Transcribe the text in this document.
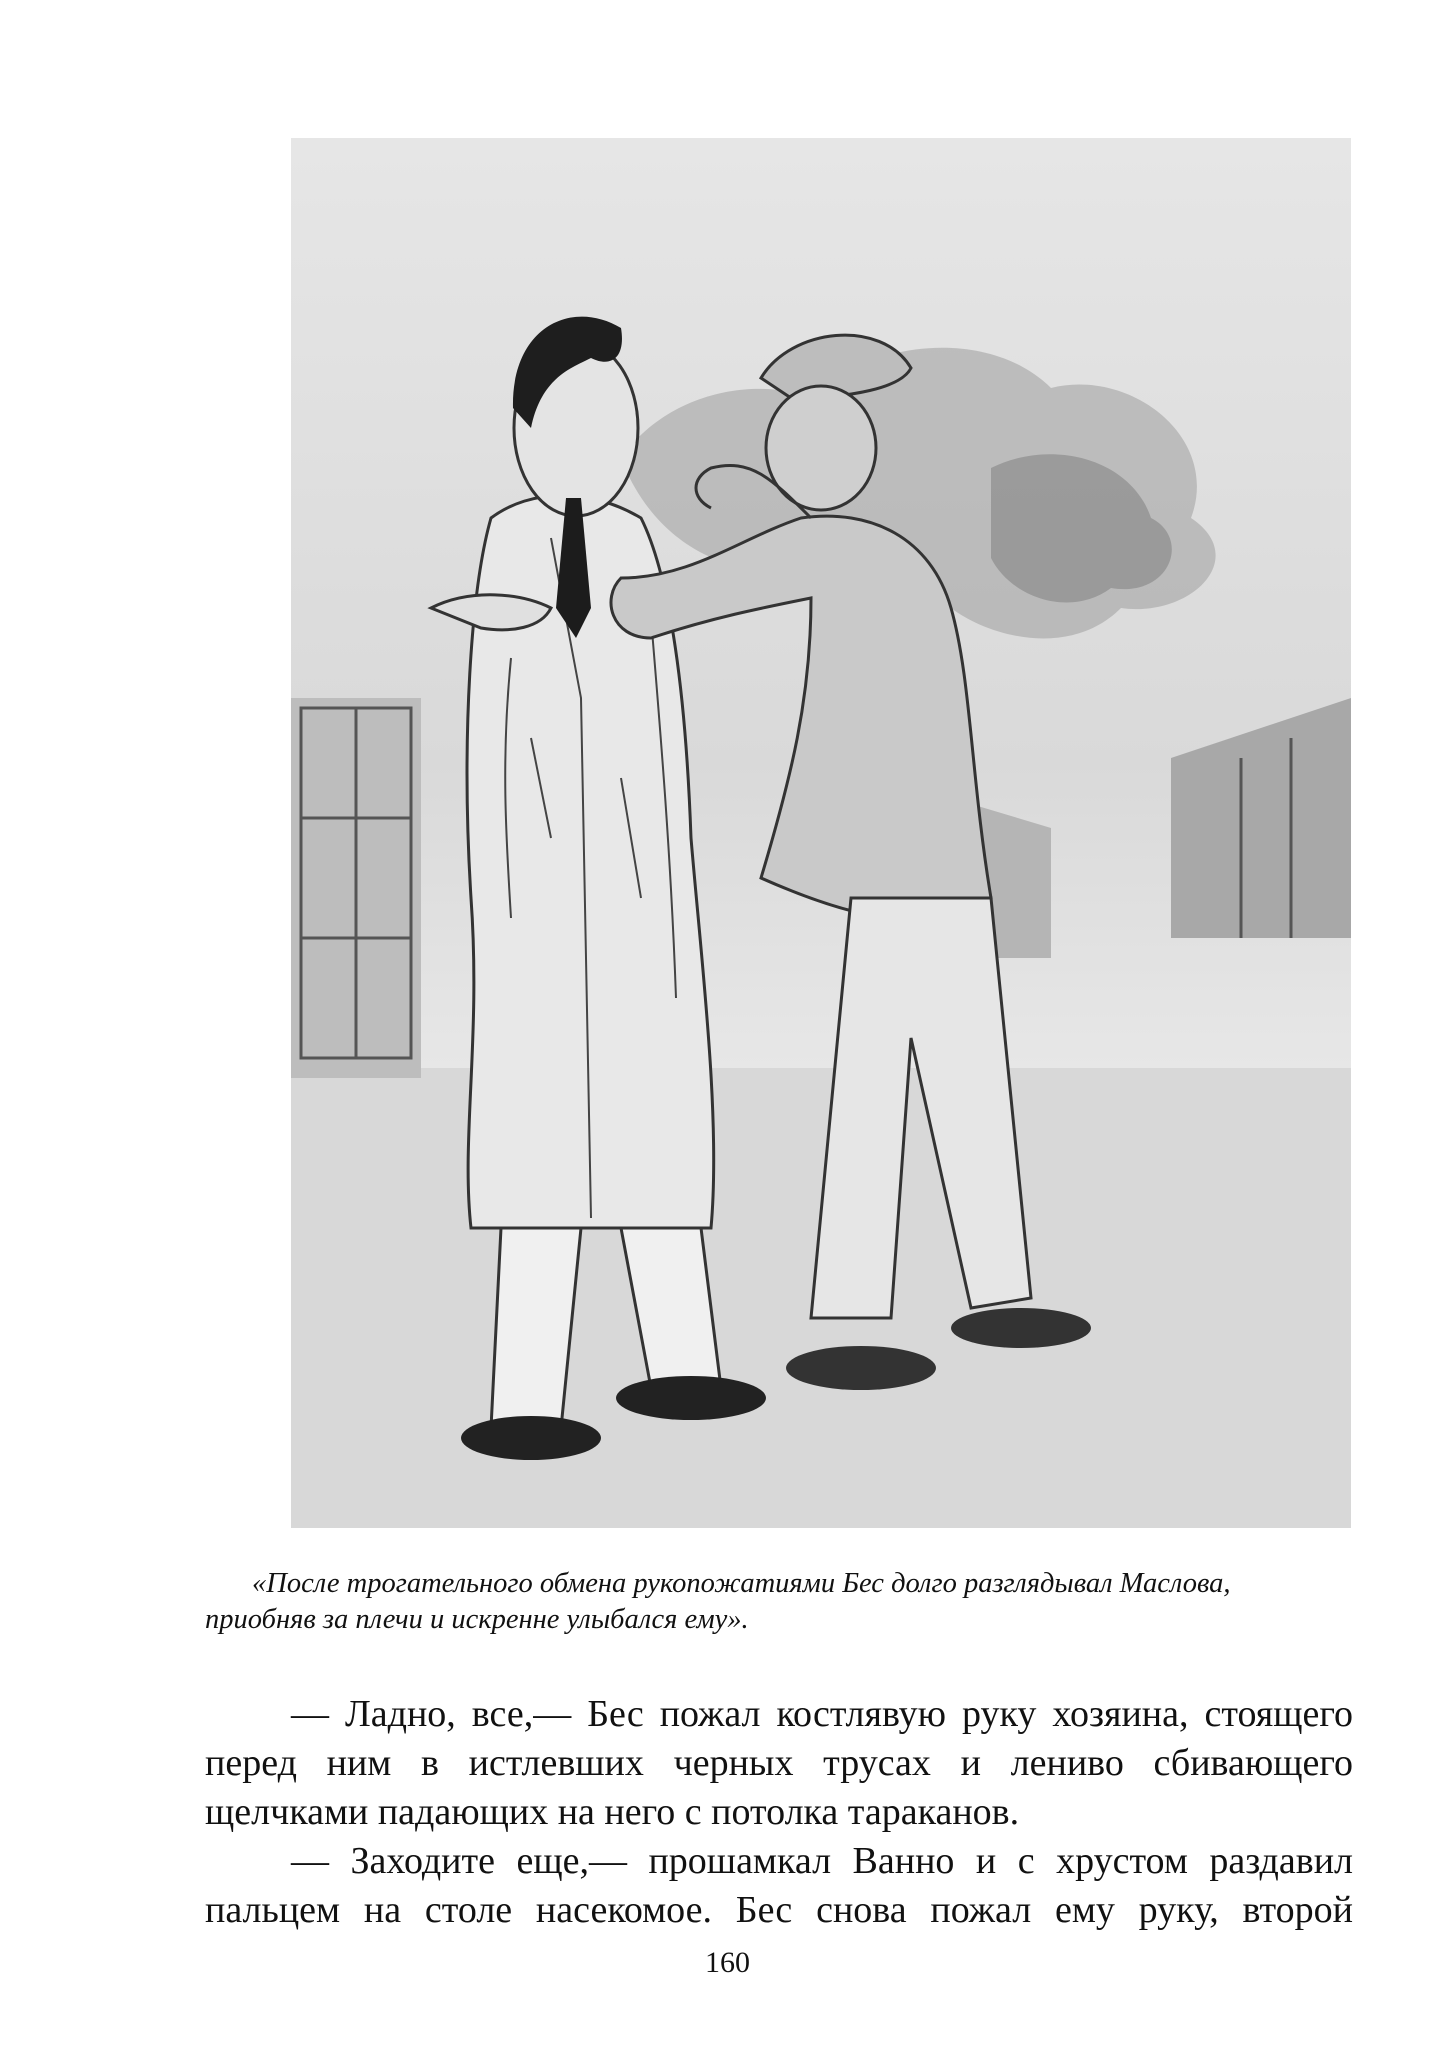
«После трогательного обмена рукопожатиями Бес долго разглядывал Маслова,

приобняв за плечи и искренне улыбался ему».

— Ладно, все,— Бес пожал костлявую руку хозяина, стоящего

перед ним в истлевших черных трусах и лениво сбивающего

щелчками падающих на него с потолка тараканов.

— Заходите еще,— прошамкал Ванно и с хрустом раздавил

пальцем на столе насекомое. Бес снова пожал ему руку, второй

160
